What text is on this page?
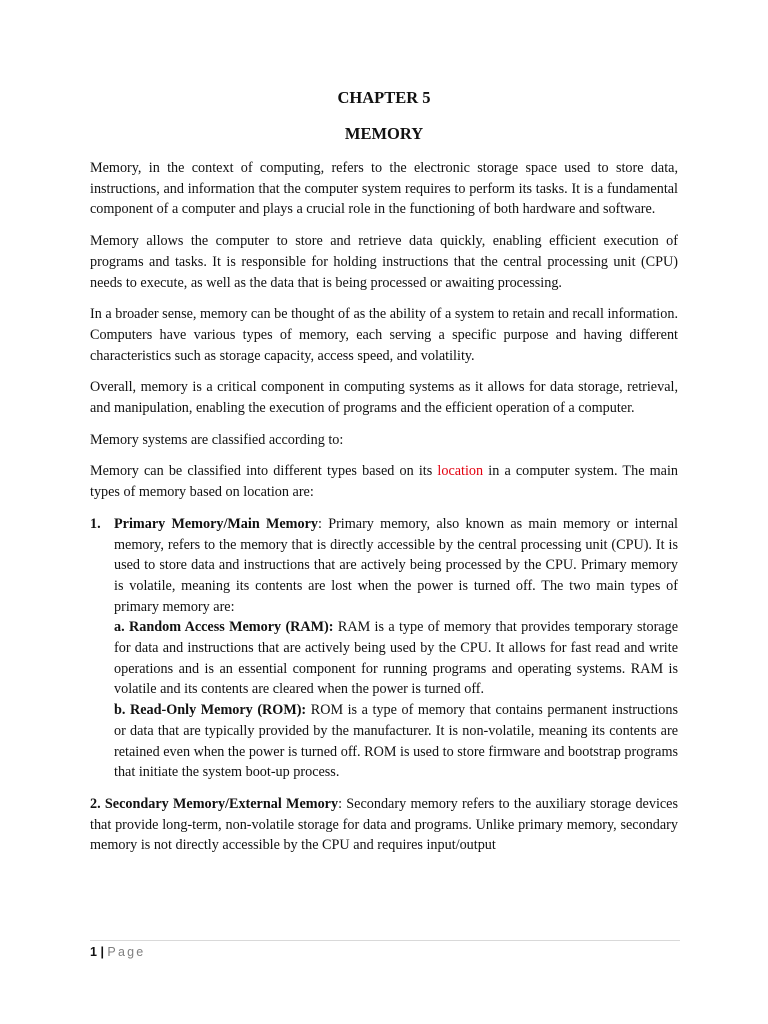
CHAPTER 5
MEMORY

Memory, in the context of computing, refers to the electronic storage space used to store data, instructions, and information that the computer system requires to perform its tasks. It is a fundamental component of a computer and plays a crucial role in the functioning of both hardware and software.

Memory allows the computer to store and retrieve data quickly, enabling efficient execution of programs and tasks. It is responsible for holding instructions that the central processing unit (CPU) needs to execute, as well as the data that is being processed or awaiting processing.

In a broader sense, memory can be thought of as the ability of a system to retain and recall information. Computers have various types of memory, each serving a specific purpose and having different characteristics such as storage capacity, access speed, and volatility.

Overall, memory is a critical component in computing systems as it allows for data storage, retrieval, and manipulation, enabling the execution of programs and the efficient operation of a computer.

Memory systems are classified according to:

Memory can be classified into different types based on its location in a computer system. The main types of memory based on location are:

1. Primary Memory/Main Memory: Primary memory, also known as main memory or internal memory, refers to the memory that is directly accessible by the central processing unit (CPU). It is used to store data and instructions that are actively being processed by the CPU. Primary memory is volatile, meaning its contents are lost when the power is turned off. The two main types of primary memory are:
a. Random Access Memory (RAM): RAM is a type of memory that provides temporary storage for data and instructions that are actively being used by the CPU. It allows for fast read and write operations and is an essential component for running programs and operating systems. RAM is volatile and its contents are cleared when the power is turned off.
b. Read-Only Memory (ROM): ROM is a type of memory that contains permanent instructions or data that are typically provided by the manufacturer. It is non-volatile, meaning its contents are retained even when the power is turned off. ROM is used to store firmware and bootstrap programs that initiate the system boot-up process.

2. Secondary Memory/External Memory: Secondary memory refers to the auxiliary storage devices that provide long-term, non-volatile storage for data and programs. Unlike primary memory, secondary memory is not directly accessible by the CPU and requires input/output

1 | Page
